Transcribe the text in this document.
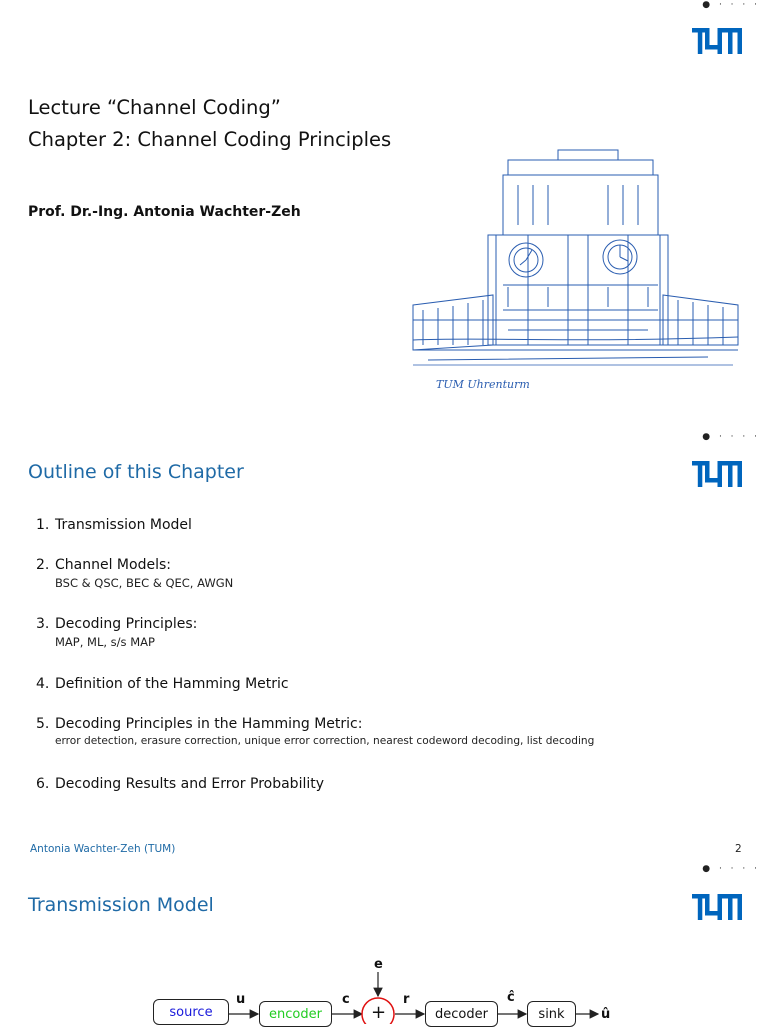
● · · · ·
Lecture “Channel Coding”
Chapter 2: Channel Coding Principles
Prof. Dr.-Ing. Antonia Wachter-Zeh
TUM Uhrenturm
● · · · ·
Outline of this Chapter
1. Transmission Model
2. Channel Models:
BSC & QSC, BEC & QEC, AWGN
3. Decoding Principles:
MAP, ML, s/s MAP
4. Definition of the Hamming Metric
5. Decoding Principles in the Hamming Metric:
error detection, erasure correction, unique error correction, nearest codeword decoding, list decoding
6. Decoding Results and Error Probability
Antonia Wachter-Zeh (TUM)	2
● · · · ·
Transmission Model
+
source	encoder	decoder	sink
u	c
e
r	ĉ
û
